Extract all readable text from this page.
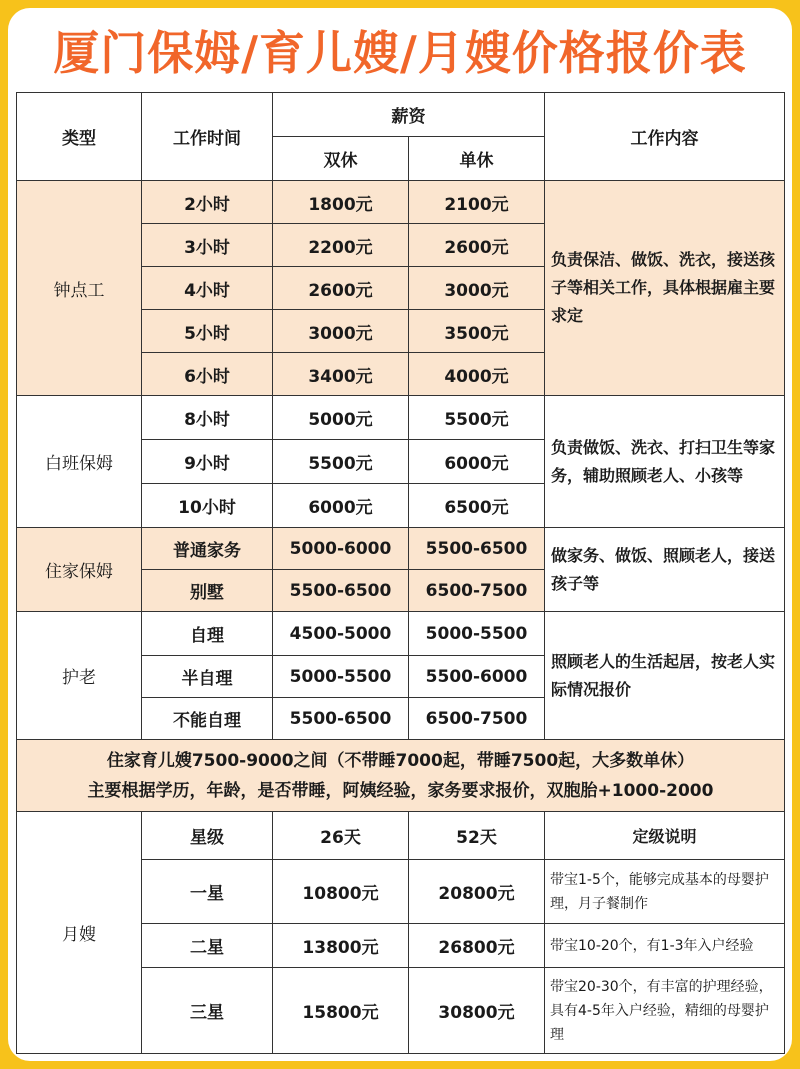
厦门保姆/育儿嫂/月嫂价格报价表
类型	工作时间	薪资		工作内容
		双休	单休	
钟点工	2小时	1800元	2100元	负责保洁、做饭、洗衣，接送孩子等相关工作，具体根据雇主要求定
	3小时	2200元	2600元	
	4小时	2600元	3000元	
	5小时	3000元	3500元	
	6小时	3400元	4000元	
白班保姆	8小时	5000元	5500元	负责做饭、洗衣、打扫卫生等家务，辅助照顾老人、小孩等
	9小时	5500元	6000元	
	10小时	6000元	6500元	
住家保姆	普通家务	5000-6000	5500-6500	做家务、做饭、照顾老人，接送孩子等
	别墅	5500-6500	6500-7500	
护老	自理	4500-5000	5000-5500	照顾老人的生活起居，按老人实际情况报价
	半自理	5000-5500	5500-6000	
	不能自理	5500-6500	6500-7500	

住家育儿嫂7500-9000之间（不带睡7000起，带睡7500起，大多数单休）
主要根据学历，年龄，是否带睡，阿姨经验，家务要求报价，双胞胎+1000-2000				

月嫂	星级	26天	52天	定级说明
	一星	10800元	20800元	带宝1-5个，能够完成基本的母婴护理，月子餐制作
	二星	13800元	26800元	带宝10-20个，有1-3年入户经验
	三星	15800元	30800元	带宝20-30个，有丰富的护理经验，具有4-5年入户经验，精细的母婴护理
